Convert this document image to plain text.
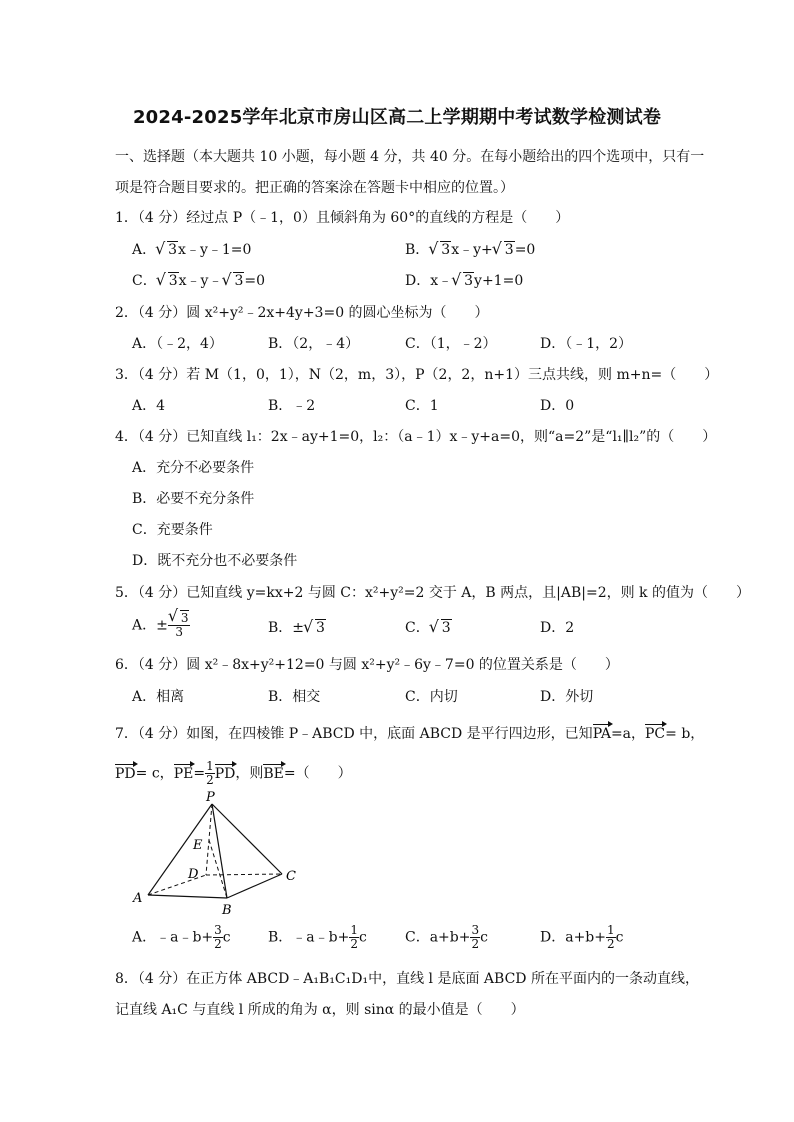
2024-2025学年北京市房山区高二上学期期中考试数学检测试卷
一、选择题（本大题共 10 小题，每小题 4 分，共 40 分。在每小题给出的四个选项中，只有一
项是符合题目要求的。把正确的答案涂在答题卡中相应的位置。）
1．（4 分）经过点 P（﹣1，0）且倾斜角为 60°的直线的方程是（　　）
A． √ 3x﹣y﹣1=0	B． √ 3x﹣y+ √ 3=0
C． √ 3x﹣y﹣ √ 3=0	D．x﹣ √ 3y+1=0
2．（4 分）圆 x²+y²﹣2x+4y+3=0 的圆心坐标为（　　）
A．（﹣2，4）	B．（2，﹣4）	C．（1，﹣2）	D．（﹣1，2）
3．（4 分）若 M（1，0，1），N（2，m，3），P（2，2，n+1）三点共线，则 m+n=（　　）
A．4	B．﹣2	C．1	D．0
4．（4 分）已知直线 l₁：2x﹣ay+1=0，l₂：（a﹣1）x﹣y+a=0，则“a=2”是“l₁∥l₂”的（　　）
A．充分不必要条件
B．必要不充分条件
C．充要条件
D．既不充分也不必要条件
5．（4 分）已知直线 y=kx+2 与圆 C：x²+y²=2 交于 A，B 两点，且|AB|=2，则 k 的值为（　　）
A．± √ $\frac{3}{3}$	B．± √ 3	C． √ 3	D．2
6．（4 分）圆 x²﹣8x+y²+12=0 与圆 x²+y²﹣6y﹣7=0 的位置关系是（　　）
A．相离	B．相交	C．内切	D．外切
7．（4 分）如图，在四棱锥 P﹣ABCD 中，底面 ABCD 是平行四边形，已知PA=a，PC= b，
PD= c，$PE= \frac{1}{2}$ PD，则BE=（　　）
P
E
D	C
A
B
A．﹣a﹣b+ $\frac{3}{2}$ c	B．﹣a﹣b+ $\frac{1}{2}$ c	C．$a+b+ \frac{3}{2}$ c	D．$a+b+ \frac{1}{2}$ c
8．（4 分）在正方体 ABCD﹣A₁B₁C₁D₁中，直线 l 是底面 ABCD 所在平面内的一条动直线，
记直线 A₁C 与直线 l 所成的角为 α，则 sinα 的最小值是（　　）
